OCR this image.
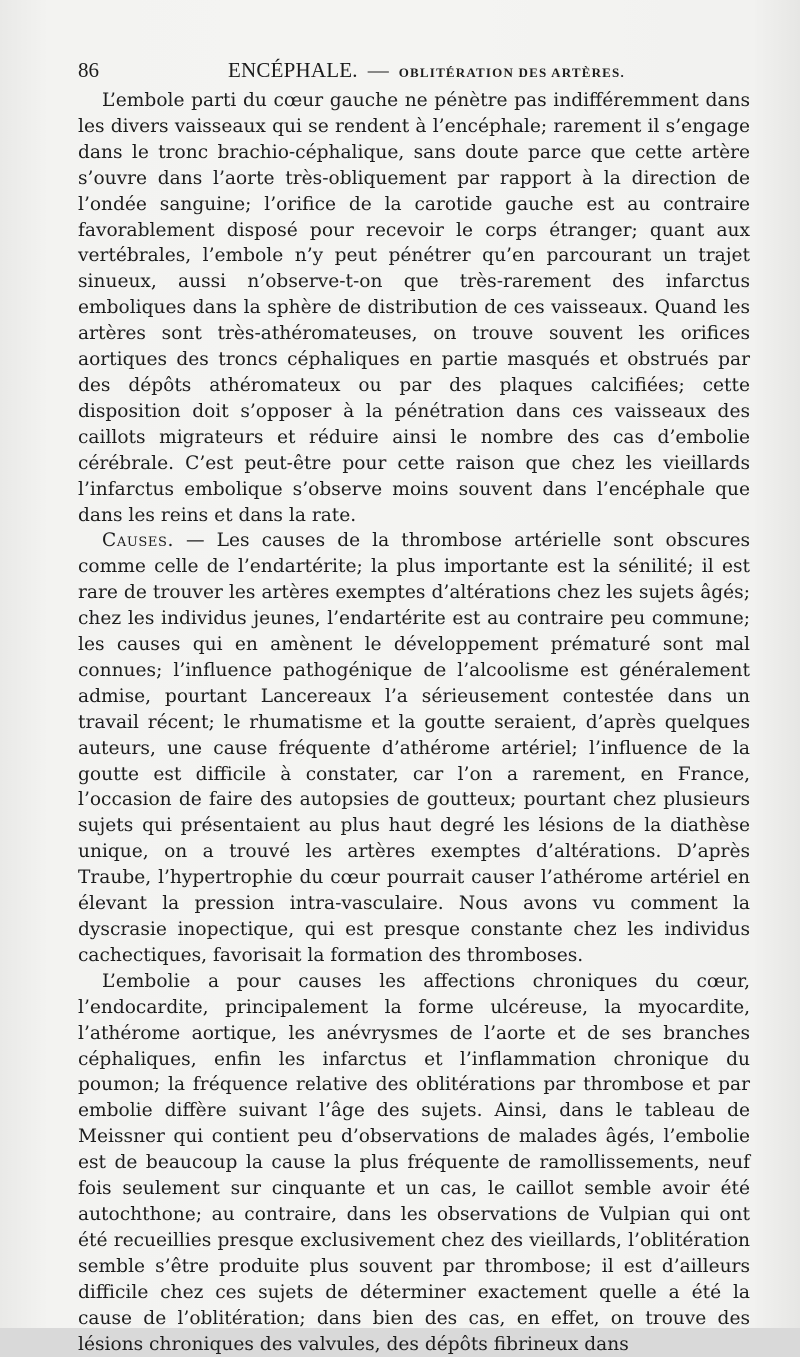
86	ENCÉPHALE. — OBLITÉRATION DES ARTÈRES.

L’embole parti du cœur gauche ne pénètre pas indifféremment dans les divers vaisseaux qui se rendent à l’encéphale; rarement il s’engage dans le tronc brachio-céphalique, sans doute parce que cette artère s’ouvre dans l’aorte très-obliquement par rapport à la direction de l’ondée sanguine; l’orifice de la carotide gauche est au contraire favorablement disposé pour recevoir le corps étranger; quant aux vertébrales, l’embole n’y peut pénétrer qu’en parcourant un trajet sinueux, aussi n’observe-t-on que très-rarement des infarctus emboliques dans la sphère de distribution de ces vaisseaux. Quand les artères sont très-athéromateuses, on trouve souvent les orifices aortiques des troncs céphaliques en partie masqués et obstrués par des dépôts athéromateux ou par des plaques calcifiées; cette disposition doit s’opposer à la pénétration dans ces vaisseaux des caillots migrateurs et réduire ainsi le nombre des cas d’embolie cérébrale. C’est peut-être pour cette raison que chez les vieillards l’infarctus embolique s’observe moins souvent dans l’encéphale que dans les reins et dans la rate.

Causes. — Les causes de la thrombose artérielle sont obscures comme celle de l’endartérite; la plus importante est la sénilité; il est rare de trouver les artères exemptes d’altérations chez les sujets âgés; chez les individus jeunes, l’endartérite est au contraire peu commune; les causes qui en amènent le développement prématuré sont mal connues; l’influence pathogénique de l’alcoolisme est généralement admise, pourtant Lancereaux l’a sérieusement contestée dans un travail récent; le rhumatisme et la goutte seraient, d’après quelques auteurs, une cause fréquente d’athérome artériel; l’influence de la goutte est difficile à constater, car l’on a rarement, en France, l’occasion de faire des autopsies de goutteux; pourtant chez plusieurs sujets qui présentaient au plus haut degré les lésions de la diathèse unique, on a trouvé les artères exemptes d’altérations. D’après Traube, l’hypertrophie du cœur pourrait causer l’athérome artériel en élevant la pression intra-vasculaire. Nous avons vu comment la dyscrasie inopectique, qui est presque constante chez les individus cachectiques, favorisait la formation des thromboses.

L’embolie a pour causes les affections chroniques du cœur, l’endocardite, principalement la forme ulcéreuse, la myocardite, l’athérome aortique, les anévrysmes de l’aorte et de ses branches céphaliques, enfin les infarctus et l’inflammation chronique du poumon; la fréquence relative des oblitérations par thrombose et par embolie diffère suivant l’âge des sujets. Ainsi, dans le tableau de Meissner qui contient peu d’observations de malades âgés, l’embolie est de beaucoup la cause la plus fréquente de ramollissements, neuf fois seulement sur cinquante et un cas, le caillot semble avoir été autochthone; au contraire, dans les observations de Vulpian qui ont été recueillies presque exclusivement chez des vieillards, l’oblitération semble s’être produite plus souvent par thrombose; il est d’ailleurs difficile chez ces sujets de déterminer exactement quelle a été la cause de l’oblitération; dans bien des cas, en effet, on trouve des lésions chroniques des valvules, des dépôts fibrineux dans
